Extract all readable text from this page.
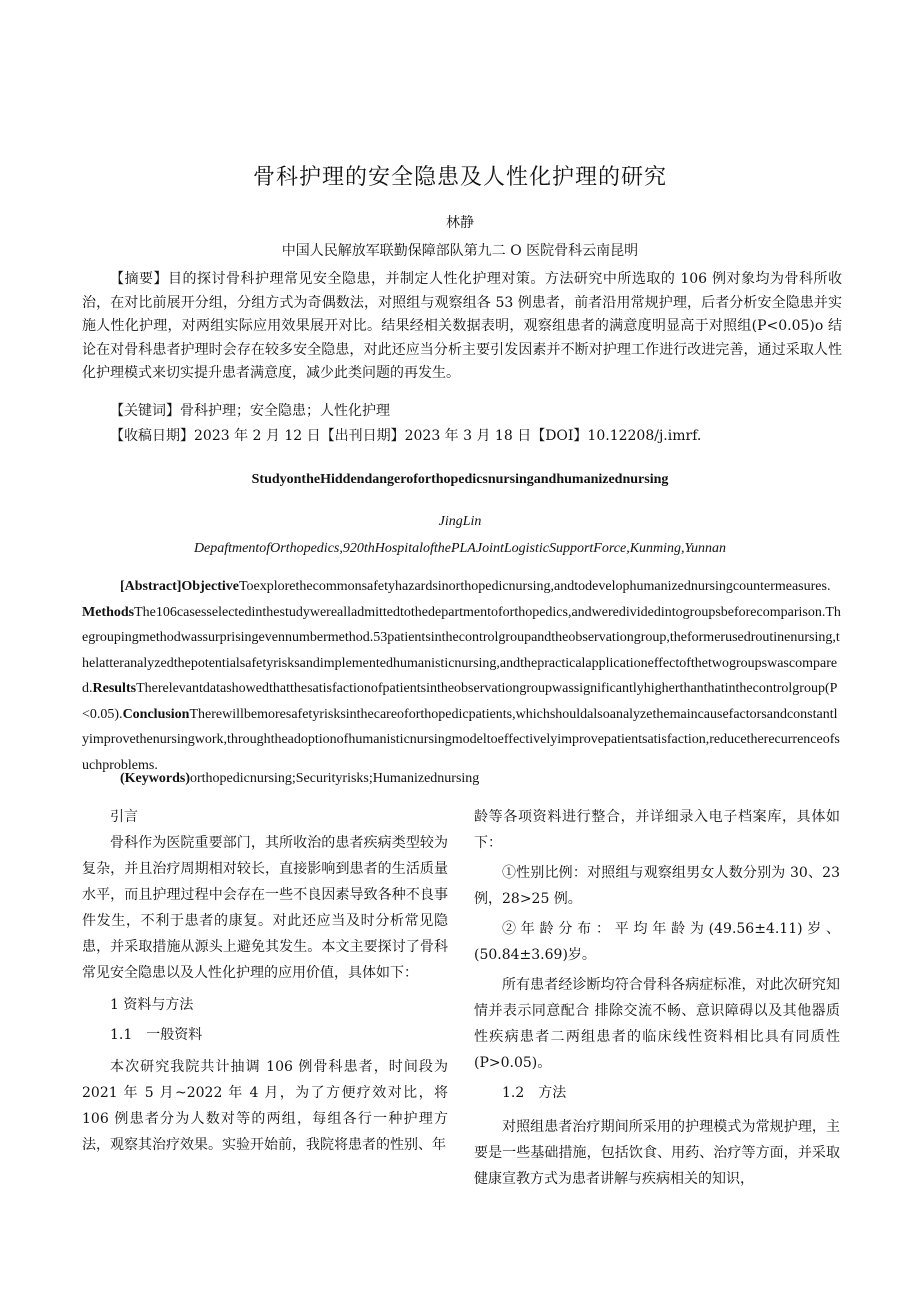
骨科护理的安全隐患及人性化护理的研究
林静
中国人民解放军联勤保障部队第九二 O 医院骨科云南昆明

【摘要】目的探讨骨科护理常见安全隐患，并制定人性化护理对策。方法研究中所选取的 106 例对象均为骨科所收治，在对比前展开分组，分组方式为奇偶数法，对照组与观察组各 53 例患者，前者沿用常规护理，后者分析安全隐患并实施人性化护理，对两组实际应用效果展开对比。结果经相关数据表明，观察组患者的满意度明显高于对照组(P<0.05)o 结论在对骨科患者护理时会存在较多安全隐患，对此还应当分析主要引发因素并不断对护理工作进行改进完善，通过采取人性化护理模式来切实提升患者满意度，减少此类问题的再发生。

【关键词】骨科护理；安全隐患；人性化护理

【收稿日期】2023 年 2 月 12 日【出刊日期】2023 年 3 月 18 日【DOI】10.12208/j.imrf.

StudyontheHiddendangeroforthopedicsnursingandhumanizednursing
JingLin
DepaftmentofOrthopedics,920thHospitalofthePLAJointLogisticSupportForce,Kunming,Yunnan

[Abstract]ObjectiveToexplorethecommonsafetyhazardsinorthopedicnursing,andtodevelophumanizednursingcountermeasures.MethodsThe106casesselectedinthestudywerealladmittedtothedepartmentoforthopedics,andweredividedintogroupsbeforecomparison.Thegroupingmethodwassurprisingevennumbermethod.53patientsinthecontrolgroupandtheobservationgroup,theformerusedroutinenursing,thelatteranalyzedthepotentialsafetyrisksandimplementedhumanisticnursing,andthepracticalapplicationeffectofthetwogroupswascompared.ResultsTherelevantdatashowedthatthesatisfactionofpatientsintheobservationgroupwassignificantlyhigherthanthatinthecontrolgroup(P<0.05).ConclusionTherewillbemoresafetyrisksinthecareoforthopedicpatients,whichshouldalsoanalyzethemaincausefactorsandconstantlyimprovethenursingwork,throughtheadoptionofhumanisticnursingmodeltoeffectivelyimprovepatientsatisfaction,reducetherecurrenceofsuchproblems.

(Keywords)orthopedicnursing;Securityrisks;Humanizednursing

引言

骨科作为医院重要部门，其所收治的患者疾病类型较为复杂，并且治疗周期相对较长，直接影响到患者的生活质量水平，而且护理过程中会存在一些不良因素导致各种不良事件发生，不利于患者的康复。对此还应当及时分析常见隐患，并采取措施从源头上避免其发生。本文主要探讨了骨科常见安全隐患以及人性化护理的应用价值，具体如下：

1 资料与方法

1.1　一般资料

本次研究我院共计抽调 106 例骨科患者，时间段为 2021 年 5 月~2022 年 4 月，为了方便疗效对比，将 106 例患者分为人数对等的两组，每组各行一种护理方法，观察其治疗效果。实验开始前，我院将患者的性别、年

龄等各项资料进行整合，并详细录入电子档案库，具体如下：

①性别比例：对照组与观察组男女人数分别为 30、23 例，28>25 例。

② 年 龄 分 布 ： 平 均 年 龄 为 (49.56±4.11) 岁 、(50.84±3.69)岁。

所有患者经诊断均符合骨科各病症标准，对此次研究知情并表示同意配合 排除交流不畅、意识障碍以及其他器质性疾病患者二两组患者的临床线性资料相比具有同质性(P>0.05)。

1.2　方法

对照组患者治疗期间所采用的护理模式为常规护理，主要是一些基础措施，包括饮食、用药、治疗等方面，并采取健康宣教方式为患者讲解与疾病相关的知识，
